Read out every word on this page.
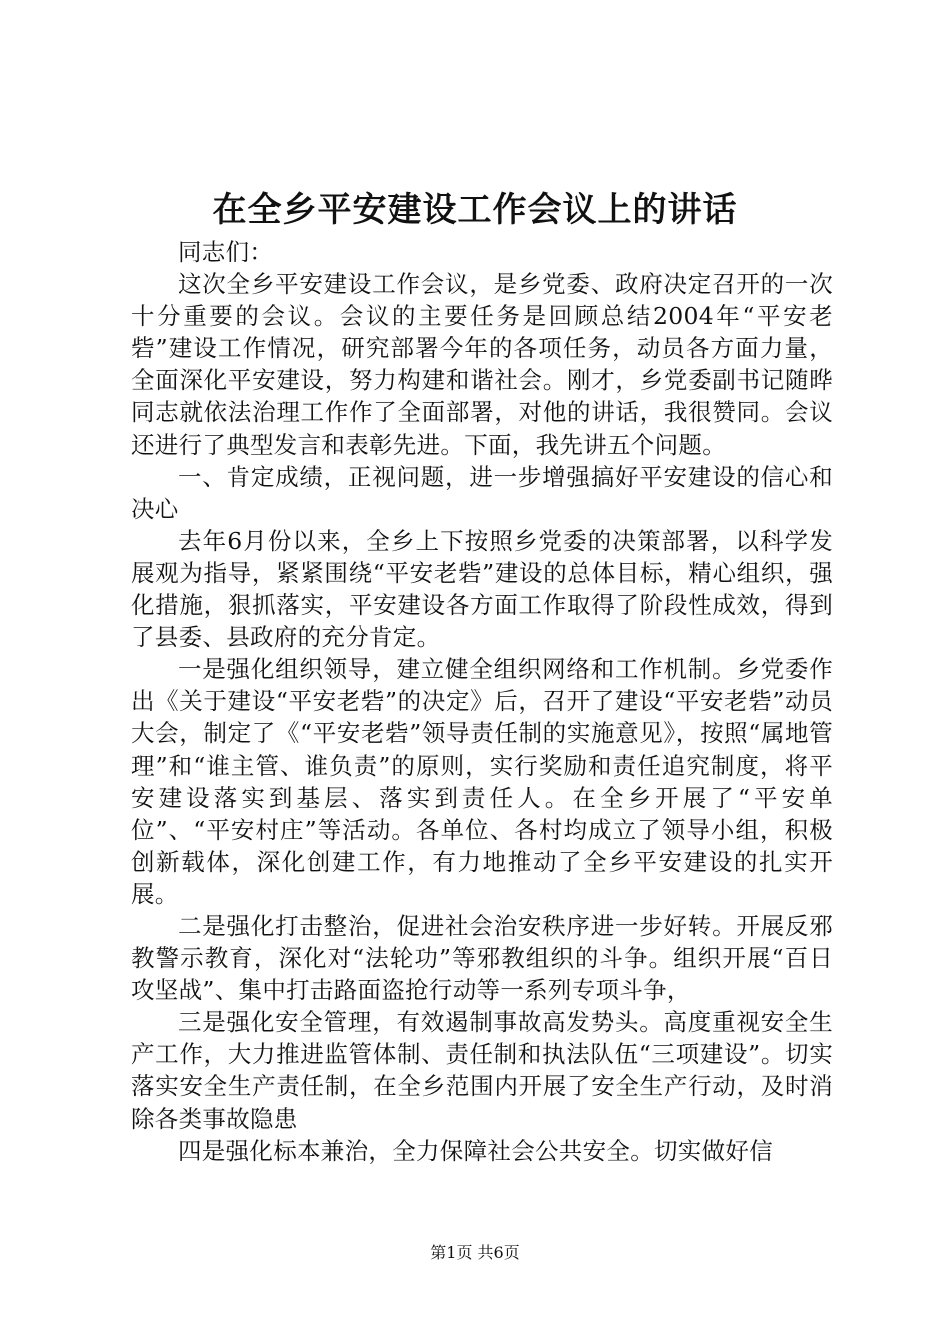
在全乡平安建设工作会议上的讲话

同志们：

这次全乡平安建设工作会议，是乡党委、政府决定召开的一次十分重要的会议。会议的主要任务是回顾总结2004年“平安老砦”建设工作情况，研究部署今年的各项任务，动员各方面力量，全面深化平安建设，努力构建和谐社会。刚才，乡党委副书记随晔同志就依法治理工作作了全面部署，对他的讲话，我很赞同。会议还进行了典型发言和表彰先进。下面，我先讲五个问题。

一、肯定成绩，正视问题，进一步增强搞好平安建设的信心和决心

去年6月份以来，全乡上下按照乡党委的决策部署，以科学发展观为指导，紧紧围绕“平安老砦”建设的总体目标，精心组织，强化措施，狠抓落实，平安建设各方面工作取得了阶段性成效，得到了县委、县政府的充分肯定。

一是强化组织领导，建立健全组织网络和工作机制。乡党委作出《关于建设“平安老砦”的决定》后，召开了建设“平安老砦”动员大会，制定了《“平安老砦”领导责任制的实施意见》，按照“属地管理”和“谁主管、谁负责”的原则，实行奖励和责任追究制度，将平安建设落实到基层、落实到责任人。在全乡开展了“平安单位”、“平安村庄”等活动。各单位、各村均成立了领导小组，积极创新载体，深化创建工作，有力地推动了全乡平安建设的扎实开展。

二是强化打击整治，促进社会治安秩序进一步好转。开展反邪教警示教育，深化对“法轮功”等邪教组织的斗争。组织开展“百日攻坚战”、集中打击路面盗抢行动等一系列专项斗争，

三是强化安全管理，有效遏制事故高发势头。高度重视安全生产工作，大力推进监管体制、责任制和执法队伍“三项建设”。切实落实安全生产责任制，在全乡范围内开展了安全生产行动，及时消除各类事故隐患

四是强化标本兼治，全力保障社会公共安全。切实做好信

第1页 共6页
